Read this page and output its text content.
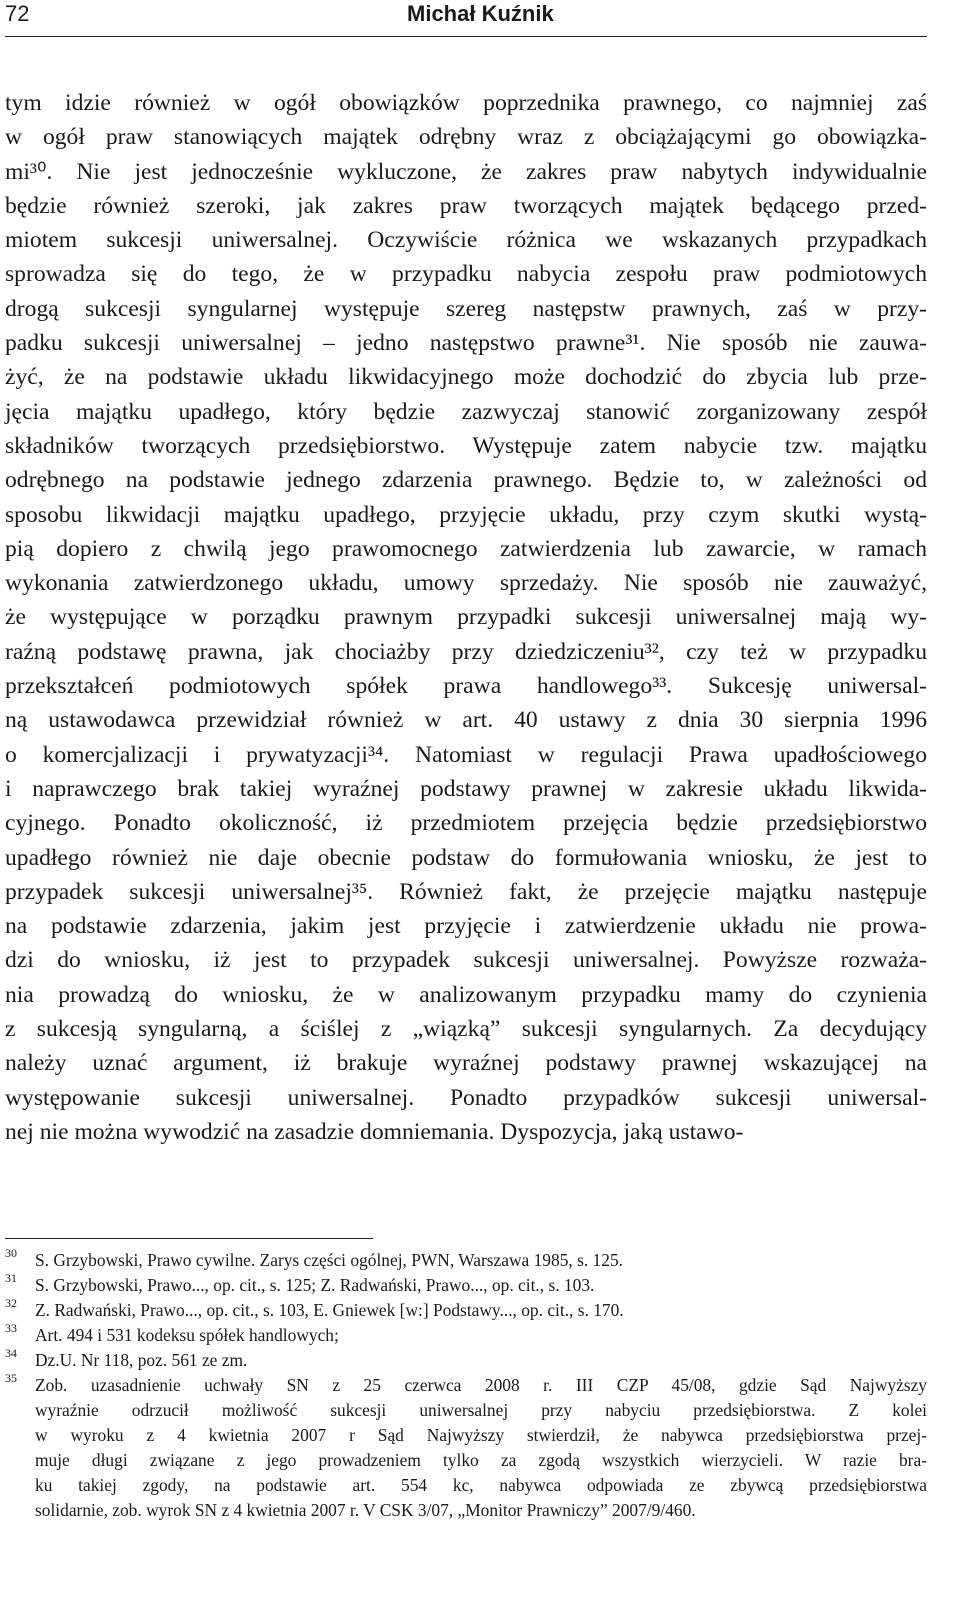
72	Michał Kuźnik
tym idzie również w ogół obowiązków poprzednika prawnego, co najmniej zaś
w ogół praw stanowiących majątek odrębny wraz z obciążającymi go obowiązka-
mi³⁰. Nie jest jednocześnie wykluczone, że zakres praw nabytych indywidualnie
będzie również szeroki, jak zakres praw tworzących majątek będącego przed-
miotem sukcesji uniwersalnej. Oczywiście różnica we wskazanych przypadkach
sprowadza się do tego, że w przypadku nabycia zespołu praw podmiotowych
drogą sukcesji syngularnej występuje szereg następstw prawnych, zaś w przy-
padku sukcesji uniwersalnej – jedno następstwo prawne³¹. Nie sposób nie zauwa-
żyć, że na podstawie układu likwidacyjnego może dochodzić do zbycia lub prze-
jęcia majątku upadłego, który będzie zazwyczaj stanowić zorganizowany zespół
składników tworzących przedsiębiorstwo. Występuje zatem nabycie tzw. majątku
odrębnego na podstawie jednego zdarzenia prawnego. Będzie to, w zależności od
sposobu likwidacji majątku upadłego, przyjęcie układu, przy czym skutki wystą-
pią dopiero z chwilą jego prawomocnego zatwierdzenia lub zawarcie, w ramach
wykonania zatwierdzonego układu, umowy sprzedaży. Nie sposób nie zauważyć,
że występujące w porządku prawnym przypadki sukcesji uniwersalnej mają wy-
raźną podstawę prawna, jak chociażby przy dziedziczeniu³², czy też w przypadku
przekształceń podmiotowych spółek prawa handlowego³³. Sukcesję uniwersal-
ną ustawodawca przewidział również w art. 40 ustawy z dnia 30 sierpnia 1996
o komercjalizacji i prywatyzacji³⁴. Natomiast w regulacji Prawa upadłościowego
i naprawczego brak takiej wyraźnej podstawy prawnej w zakresie układu likwida-
cyjnego. Ponadto okoliczność, iż przedmiotem przejęcia będzie przedsiębiorstwo
upadłego również nie daje obecnie podstaw do formułowania wniosku, że jest to
przypadek sukcesji uniwersalnej³⁵. Również fakt, że przejęcie majątku następuje
na podstawie zdarzenia, jakim jest przyjęcie i zatwierdzenie układu nie prowa-
dzi do wniosku, iż jest to przypadek sukcesji uniwersalnej. Powyższe rozważa-
nia prowadzą do wniosku, że w analizowanym przypadku mamy do czynienia
z sukcesją syngularną, a ściślej z „wiązką” sukcesji syngularnych. Za decydujący
należy uznać argument, iż brakuje wyraźnej podstawy prawnej wskazującej na
występowanie sukcesji uniwersalnej. Ponadto przypadków sukcesji uniwersal-
nej nie można wywodzić na zasadzie domniemania. Dyspozycja, jaką ustawo-
30 S. Grzybowski, Prawo cywilne. Zarys części ogólnej, PWN, Warszawa 1985, s. 125.
31 S. Grzybowski, Prawo..., op. cit., s. 125; Z. Radwański, Prawo..., op. cit., s. 103.
32 Z. Radwański, Prawo..., op. cit., s. 103, E. Gniewek [w:] Podstawy..., op. cit., s. 170.
33 Art. 494 i 531 kodeksu spółek handlowych;
34 Dz.U. Nr 118, poz. 561 ze zm.
35 Zob. uzasadnienie uchwały SN z 25 czerwca 2008 r. III CZP 45/08, gdzie Sąd Najwyższy
wyraźnie odrzucił możliwość sukcesji uniwersalnej przy nabyciu przedsiębiorstwa. Z kolei
w wyroku z 4 kwietnia 2007 r Sąd Najwyższy stwierdził, że nabywca przedsiębiorstwa przej-
muje długi związane z jego prowadzeniem tylko za zgodą wszystkich wierzycieli. W razie bra-
ku takiej zgody, na podstawie art. 554 kc, nabywca odpowiada ze zbywcą przedsiębiorstwa
solidarnie, zob. wyrok SN z 4 kwietnia 2007 r. V CSK 3/07, „Monitor Prawniczy” 2007/9/460.
